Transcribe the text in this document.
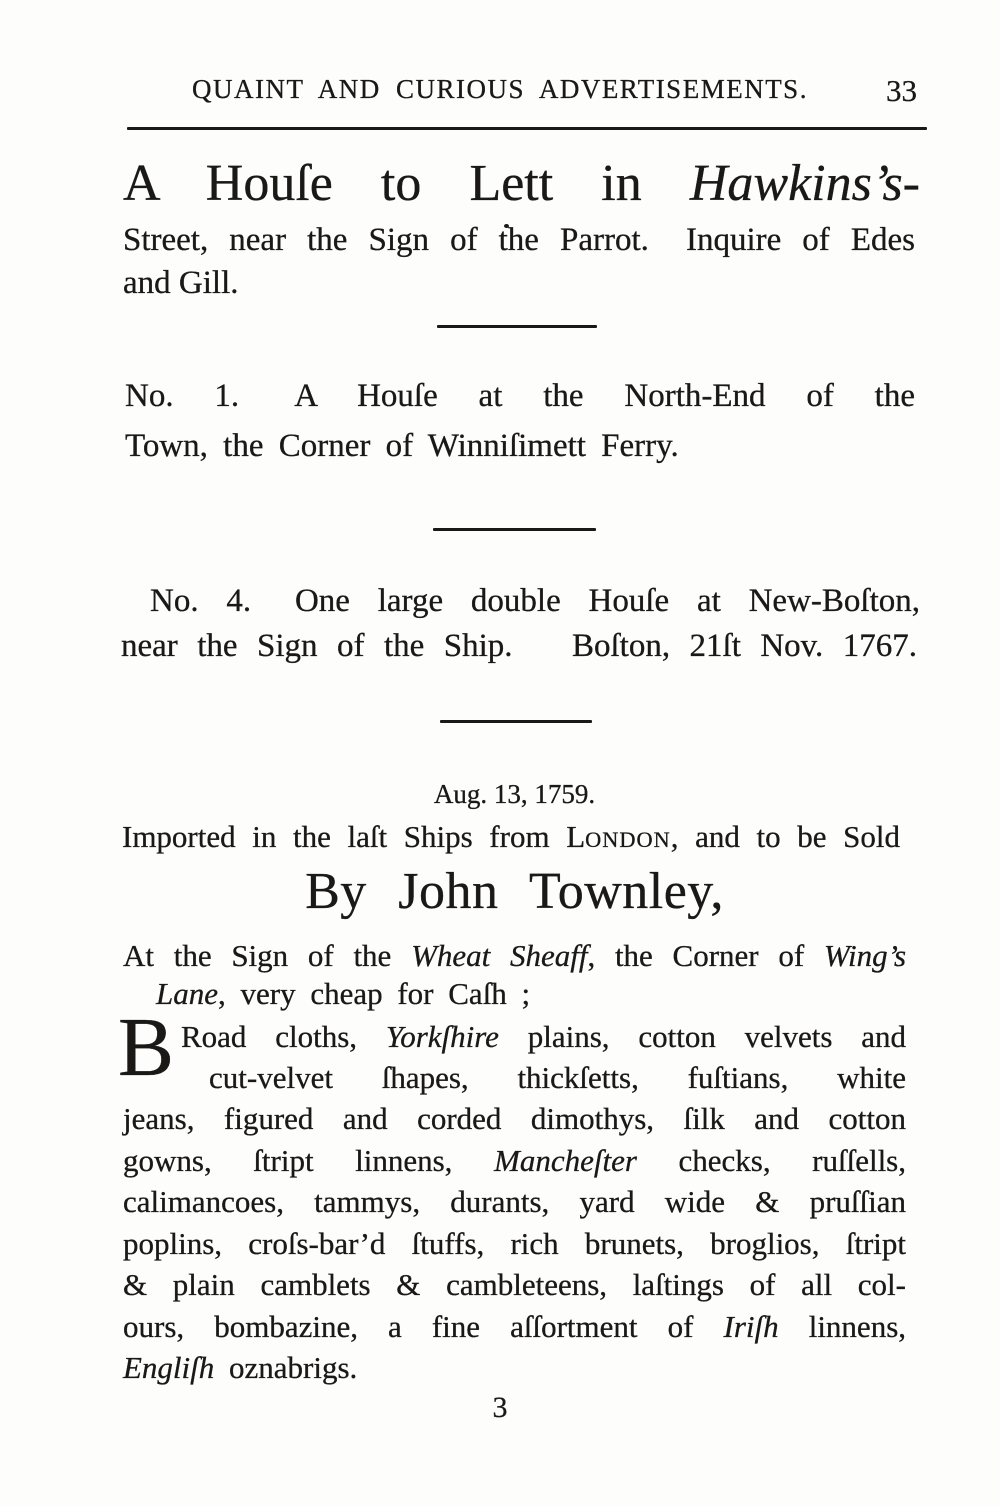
QUAINT AND CURIOUS ADVERTISEMENTS.	33
A Houſe to Lett in Hawkins’s-
Street, near the Sign of the Parrot. Inquire of Edes
and Gill.
No. 1. A Houſe at the North-End of the
Town, the Corner of Winniſimett Ferry.
No. 4. One large double Houſe at New-Boſton,
near the Sign of the Ship. Boſton, 21ſt Nov. 1767.
Aug. 13, 1759.
Imported in the laſt Ships from LONDON, and to be Sold
By John Townley,
At the Sign of the Wheat Sheaff, the Corner of Wing’s
Lane, very cheap for Caſh ;
B Road cloths, Yorkſhire plains, cotton velvets and
cut-velvet ſhapes, thickſetts, fuſtians, white
jeans, figured and corded dimothys, ſilk and cotton
gowns, ſtript linnens, Mancheſter checks, ruſſells,
calimancoes, tammys, durants, yard wide & pruſſian
poplins, croſs-bar’d ſtuffs, rich brunets, broglios, ſtript
& plain camblets & cambleteens, laſtings of all col-
ours, bombazine, a fine aſſortment of Iriſh linnens,
Engliſh oznabrigs.
3
